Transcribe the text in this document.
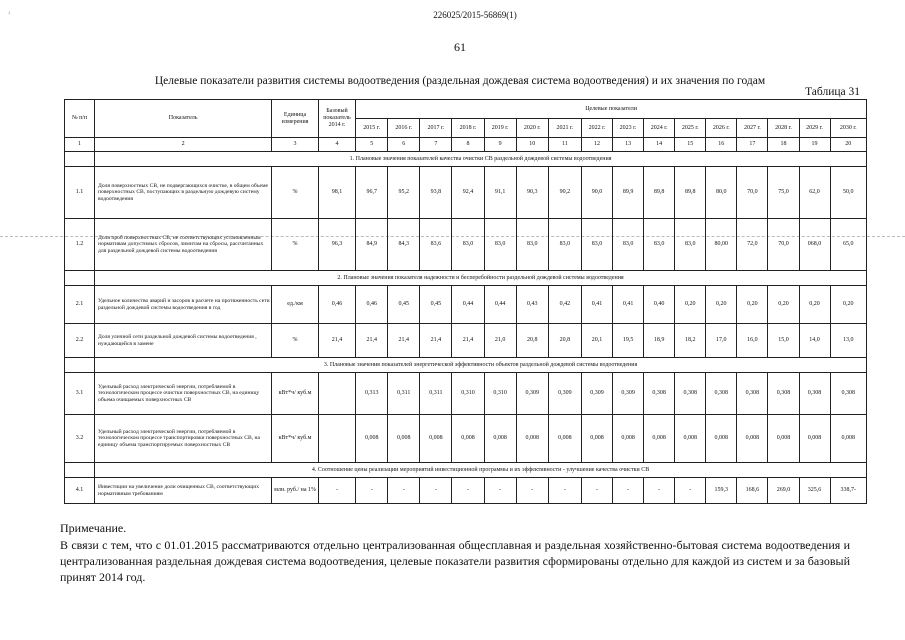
226025/2015-56869(1)
61
‹
Целевые показатели развития системы водоотведения (раздельная дождевая система водоотведения) и их значения по годам
Таблица 31
№ п/п	Показатель	Единица измерения	Базовый показатель 2014 г.	Целевые показатели															
				2015 г.	2016 г.	2017 г.	2018 г.	2019 г.	2020 г.	2021 г.	2022 г.	2023 г.	2024 г.	2025 г.	2026 г.	2027 г.	2028 г.	2029 г.	2030 г.
1	2	3	4	5	6	7	8	9	10	11	12	13	14	15	16	17	18	19	20
	1. Плановые значения показателей качества очистки СВ раздельной дождевой системы водоотведения																		
1.1	Доля поверхностных СВ, не подвергающихся очистке, в общем объеме поверхностных СВ, поступающих в раздельную дождевую систему водоотведения	%	98,1	96,7	95,2	93,8	92,4	91,1	90,3	90,2	90,0	89,9	89,8	89,8	80,0	70,0	75,0	62,0	50,0
1.2	Доля проб поверхностных СВ, не соответствующих установленным нормативам допустимых сбросов, лимитам на сбросы, рассчитанных для раздельной дождевой системы водоотведения	%	96,3	84,9	84,3	83,6	83,0	83,0	83,0	83,0	83,0	83,0	83,0	83,0	80,00	72,0	70,0	068,0	65,0
	2. Плановые значения показателя надежности и бесперебойности раздельной дождевой системы водоотведения																		
2.1	Удельное количество аварий и засоров в расчете на протяженность сети раздельной дождевой системы водоотведения в год	ед./км	0,46	0,46	0,45	0,45	0,44	0,44	0,43	0,42	0,41	0,41	0,40	0,20	0,20	0,20	0,20	0,20	0,20
2.2	Доля уличной сети раздельной дождевой системы водоотведения , нуждающейся в замене	%	21,4	21,4	21,4	21,4	21,4	21,0	20,8	20,8	20,1	19,5	18,9	18,2	17,0	16,0	15,0	14,0	13,0
	3. Плановые значения показателей энергетической эффективности объектов раздельной дождевой системы водоотведения																		
3.1	Удельный расход электрической энергии, потребляемой в технологическом процессе очистки поверхностных СВ, на единицу объема очищаемых поверхностных СВ	кВт*ч/ куб.м		0,313	0,311	0,311	0,310	0,310	0,309	0,309	0,309	0,309	0,308	0,308	0,308	0,308	0,308	0,308	0,308
3.2	Удельный расход электрической энергии, потребляемой в технологическом процессе транспортировки поверхностных СВ, на единицу объема транспортируемых поверхностных СВ	кВт*ч/ куб.м		0,008	0,008	0,008	0,008	0,008	0,008	0,008	0,008	0,008	0,008	0,008	0,008	0,008	0,008	0,008	0,008
	4. Соотношение цены реализации мероприятий инвестиционной программы и их эффективности - улучшение качества очистки СВ																		
4.1	Инвестиции на увеличение доли очищенных СВ, соответствующих нормативным требованиям	млн. руб./ на 1%	-	-	-	-	-	-	-	-	-	-	-	-	159,3	168,6	269,0	325,6	338,7-
Примечание.
В связи с тем, что с 01.01.2015 рассматриваются отдельно централизованная общесплавная и раздельная хозяйственно-бытовая система водоотведения и централизованная раздельная дождевая система водоотведения, целевые показатели развития сформированы отдельно для каждой из систем и за базовый принят 2014 год.
